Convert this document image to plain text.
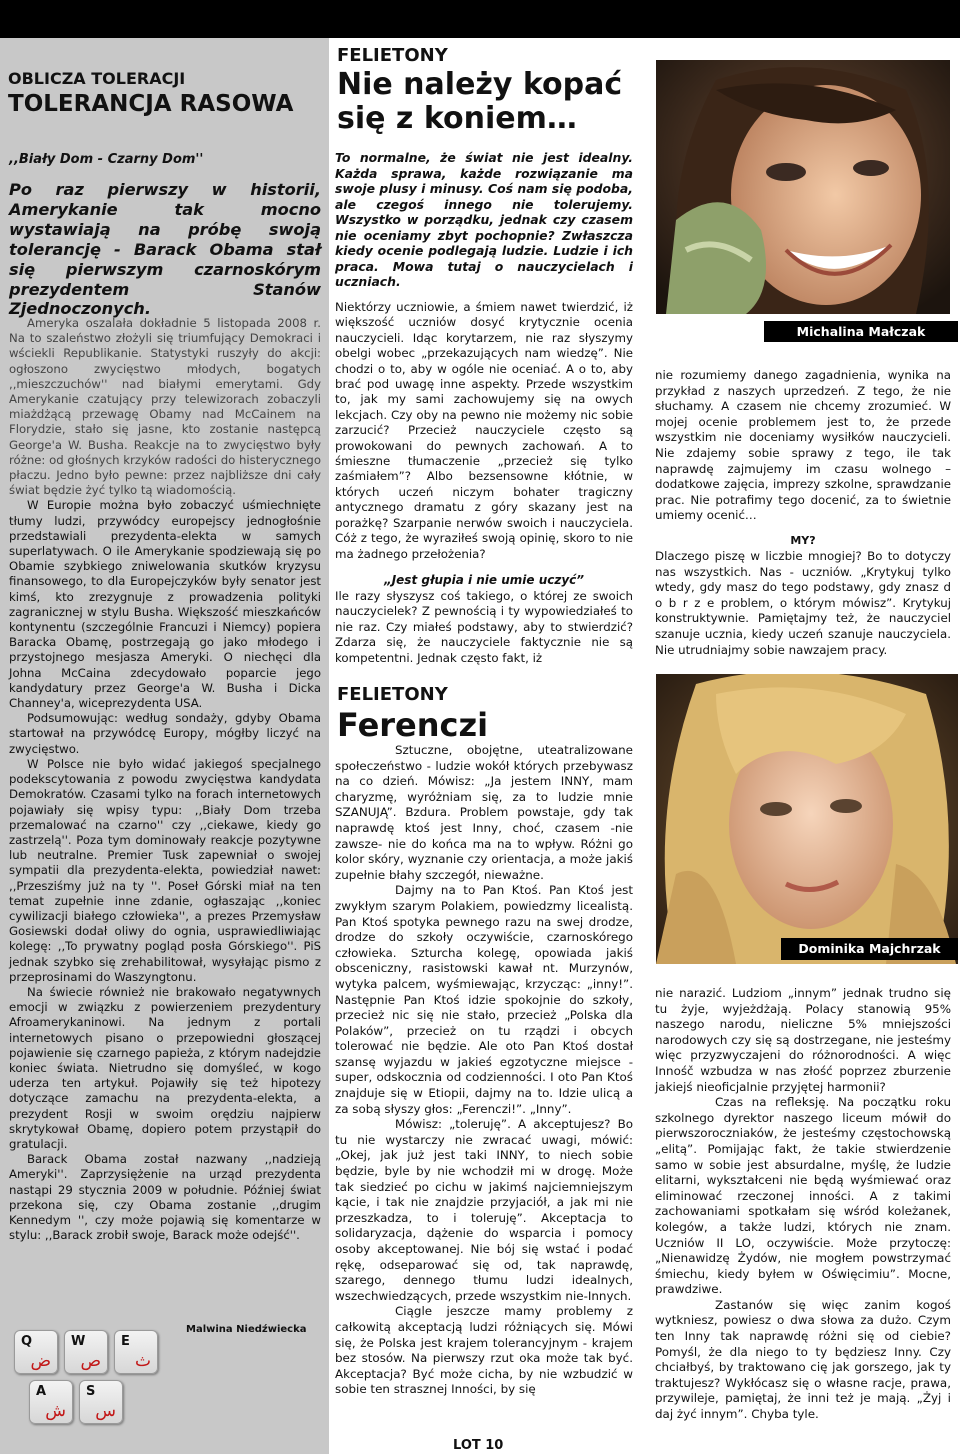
OBLICZA TOLERACJI
TOLERANCJA RASOWA
,,Biały Dom - Czarny Dom''
Po raz pierwszy w historii, Amerykanie tak mocno wystawiają na próbę swoją tolerancję - Barack Obama stał się pierwszym czarnoskórym prezydentem Stanów Zjednoczonych.

Ameryka oszalała dokładnie 5 listopada 2008 r. Na to szaleństwo złożyli się triumfujący Demokraci i wściekli Republikanie. Statystyki ruszyły do akcji: ogłoszono zwycięstwo młodych, bogatych ,,mieszczuchów'' nad białymi emerytami. Gdy Amerykanie czatujący przy telewizorach zobaczyli miażdżącą przewagę Obamy nad McCainem na Florydzie, stało się jasne, kto zostanie następcą George'a W. Busha. Reakcje na to zwycięstwo były różne: od głośnych krzyków radości do histerycznego płaczu. Jedno było pewne: przez najbliższe dni cały świat będzie żyć tylko tą wiadomością.

W Europie można było zobaczyć uśmiechnięte tłumy ludzi, przywódcy europejscy jednogłośnie przedstawiali prezydenta-elekta w samych superlatywach. O ile Amerykanie spodziewają się po Obamie szybkiego zniwelowania skutków kryzysu finansowego, to dla Europejczyków były senator jest kimś, kto zrezygnuje z prowadzenia polityki zagranicznej w stylu Busha. Większość mieszkańców kontynentu (szczególnie Francuzi i Niemcy) popiera Baracka Obamę, postrzegają go jako młodego i przystojnego mesjasza Ameryki. O niechęci dla Johna McCaina zdecydowało poparcie jego kandydatury przez George'a W. Busha i Dicka Channey'a, wiceprezydenta USA.

Podsumowując: według sondaży, gdyby Obama startował na przywódcę Europy, mógłby liczyć na zwycięstwo.

W Polsce nie było widać jakiegoś specjalnego podekscytowania z powodu zwycięstwa kandydata Demokratów. Czasami tylko na forach internetowych pojawiały się wpisy typu: ,,Biały Dom trzeba przemalować na czarno'' czy ,,ciekawe, kiedy go zastrzelą''. Poza tym dominowały reakcje pozytywne lub neutralne. Premier Tusk zapewniał o swojej sympatii dla prezydenta-elekta, powiedział nawet: ,,Przesziśmy już na ty ''. Poseł Górski miał na ten temat zupełnie inne zdanie, ogłaszając ,,koniec cywilizacji białego człowieka'', a prezes Przemysław Gosiewski dodał oliwy do ognia, usprawiedliwiając kolegę: ,,To prywatny pogląd posła Górskiego''. PiS jednak szybko się zrehabilitował, wysyłając pismo z przeprosinami do Waszyngtonu.

Na świecie również nie brakowało negatywnych emocji w związku z powierzeniem prezydentury Afroamerykaninowi. Na jednym z portali internetowych pisano o przepowiedni głoszącej pojawienie się czarnego papieża, z którym nadejdzie koniec świata. Nietrudno się domyśleć, w kogo uderza ten artykuł. Pojawiły się też hipotezy dotyczące zamachu na prezydenta-elekta, a prezydent Rosji w swoim orędziu najpierw skrytykował Obamę, dopiero potem przystąpił do gratulacji.

Barack Obama został nazwany ,,nadzieją Ameryki''. Zaprzysiężenie na urząd prezydenta nastąpi 29 stycznia 2009 w południe. Później świat przekona się, czy Obama zostanie ,,drugim Kennedym '', czy może pojawią się komentarze w stylu: ,,Barack zrobił swoje, Barack może odejść''.

Q
ض
W
ص
E
ث
A
ش
S
س
Malwina Niedźwiecka
FELIETONY
Nie należy kopać
się z koniem…
To normalne, że świat nie jest idealny. Każda sprawa, każde rozwiązanie ma swoje plusy i minusy. Coś nam się podoba, ale czegoś innego nie tolerujemy. Wszystko w porządku, jednak czy czasem nie oceniamy zbyt pochopnie? Zwłaszcza kiedy ocenie podlegają ludzie. Ludzie i ich praca. Mowa tutaj o nauczycielach i uczniach.

Niektórzy uczniowie, a śmiem nawet twierdzić, iż większość uczniów dosyć krytycznie ocenia nauczycieli. Idąc korytarzem, nie raz słyszymy obelgi wobec „przekazujących nam wiedzę”. Nie chodzi o to, aby w ogóle nie oceniać. A o to, aby brać pod uwagę inne aspekty. Przede wszystkim to, jak my sami zachowujemy się na owych lekcjach. Czy oby na pewno nie możemy nic sobie zarzucić? Przecież nauczyciele często są prowokowani do pewnych zachowań. A to śmieszne tłumaczenie „przecież się tylko zaśmiałem”? Albo bezsensowne kłótnie, w których uczeń niczym bohater tragiczny antycznego dramatu z góry skazany jest na porażkę? Szarpanie nerwów swoich i nauczyciela. Cóż z tego, że wyraziłeś swoją opinię, skoro to nie ma żadnego przełożenia?

„Jest głupia i nie umie uczyć”
Ile razy słyszysz coś takiego, o której ze swoich nauczycielek? Z pewnością i ty wypowiedziałeś to nie raz. Czy miałeś podstawy, aby to stwierdzić? Zdarza się, że nauczyciele faktycznie nie są kompetentni. Jednak często fakt, iż
FELIETONY
Ferenczi

Sztuczne, obojętne, uteatralizowane społeczeństwo - ludzie wokół których przebywasz na co dzień. Mówisz: „Ja jestem INNY, mam charyzmę, wyróżniam się, za to ludzie mnie SZANUJĄ”. Bzdura. Problem powstaje, gdy tak naprawdę ktoś jest Inny, choć, czasem -nie zawsze- nie do końca ma na to wpływ. Różni go kolor skóry, wyznanie czy orientacja, a może jakiś zupełnie błahy szczegół, nieważne.

Dajmy na to Pan Ktoś. Pan Ktoś jest zwykłym szarym Polakiem, powiedzmy licealistą. Pan Ktoś spotyka pewnego razu na swej drodze, drodze do szkoły oczywiście, czarnoskórego człowieka. Szturcha kolegę, opowiada jakiś obsceniczny, rasistowski kawał nt. Murzynów, wytyka palcem, wyśmiewając, krzycząc: „inny!”. Następnie Pan Ktoś idzie spokojnie do szkoły, przecież nic się nie stało, przecież „Polska dla Polaków”, przecież on tu rządzi i obcych tolerować nie będzie. Ale oto Pan Ktoś dostał szansę wyjazdu w jakieś egzotyczne miejsce - super, odskocznia od codzienności. I oto Pan Ktoś znajduje się w Etiopii, dajmy na to. Idzie ulicą a za sobą słyszy głos: „Ferenczi!”. „Inny”.

Mówisz: „toleruję”. A akceptujesz? Bo tu nie wystarczy nie zwracać uwagi, mówić: „Okej, jak już jest taki INNY, to niech sobie będzie, byle by nie wchodził mi w drogę. Może tak siedzieć po cichu w jakimś najciemniejszym kącie, i tak nie znajdzie przyjaciół, a jak mi nie przeszkadza, to i toleruję”. Akceptacja to solidaryzacja, dążenie do wsparcia i pomocy osoby akceptowanej. Nie bój się wstać i podać rękę, odseparować się od, tak naprawdę, szarego, dennego tłumu ludzi idealnych, wszechwiedzących, przede wszystkim nie-Innych.

Ciągle jeszcze mamy problemy z całkowitą akceptacją ludzi różniących się. Mówi się, że Polska jest krajem tolerancyjnym - krajem bez stosów. Na pierwszy rzut oka może tak być. Akceptacja? Być może cicha, by nie wzbudzić w sobie ten strasznej Inności, by się

LOT 10
Michalina Małczak
nie rozumiemy danego zagadnienia, wynika na przykład z naszych uprzedzeń. Z tego, że nie słuchamy. A czasem nie chcemy zrozumieć. W mojej ocenie problemem jest to, że przede wszystkim nie doceniamy wysiłków nauczycieli. Nie zdajemy sobie sprawy z tego, ile tak naprawdę zajmujemy im czasu wolnego – dodatkowe zajęcia, imprezy szkolne, sprawdzanie prac. Nie potrafimy tego docenić, za to świetnie umiemy ocenić…
MY?
Dlaczego piszę w liczbie mnogiej? Bo to dotyczy nas wszystkich. Nas - uczniów. „Krytykuj tylko wtedy, gdy masz do tego podstawy, gdy znasz d o b r z e problem, o którym mówisz”. Krytykuj konstruktywnie. Pamiętajmy też, że nauczyciel szanuje ucznia, kiedy uczeń szanuje nauczyciela. Nie utrudniajmy sobie nawzajem pracy.
Dominika Majchrzak

nie narazić. Ludziom „innym” jednak trudno się tu żyje, wyjeżdżają. Polacy stanowią 95% naszego narodu, nieliczne 5% mniejszości narodowych czy się są dostrzegane, nie jesteśmy więc przyzwyczajeni do różnorodności. A więc Innośč wzbudza w nas złość poprzez zburzenie jakiejś nieoficjalnie przyjętej harmonii?

Czas na refleksję. Na początku roku szkolnego dyrektor naszego liceum mówił do pierwszoroczniaków, że jesteśmy częstochowską „elitą”. Pomijając fakt, że takie stwierdzenie samo w sobie jest absurdalne, myślę, że ludzie elitarni, wykształceni nie będą wyśmiewać oraz eliminować rzeczonej inności. A z takimi zachowaniami spotkałam się wśród koleżanek, kolegów, a także ludzi, których nie znam. Uczniów II LO, oczywiście. Może przytoczę: „Nienawidzę Żydów, nie mogłem powstrzymać śmiechu, kiedy byłem w Oświęcimiu”. Mocne, prawdziwe.

Zastanów się więc zanim kogoś wytkniesz, powiesz o dwa słowa za dużo. Czym ten Inny tak naprawdę różni się od ciebie? Pomyśl, że dla niego to ty będziesz Inny. Czy chciałbyś, by traktowano cię jak gorszego, jak ty traktujesz? Wykłócasz się o własne racje, prawa, przywileje, pamiętaj, że inni też je mają. „Żyj i daj żyć innym”. Chyba tyle.
